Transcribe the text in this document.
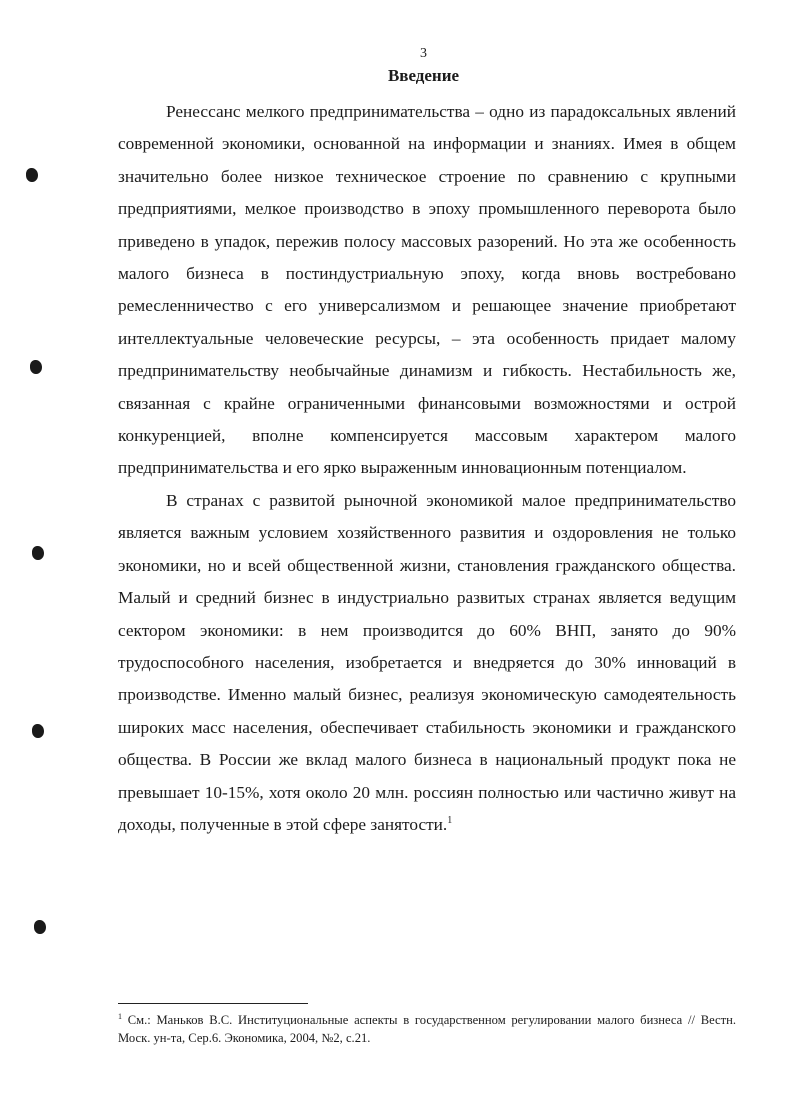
3
Введение

Ренессанс мелкого предпринимательства – одно из парадоксальных явлений современной экономики, основанной на информации и знаниях. Имея в общем значительно более низкое техническое строение по сравнению с крупными предприятиями, мелкое производство в эпоху промышленного переворота было приведено в упадок, пережив полосу массовых разорений. Но эта же особенность малого бизнеса в постиндустриальную эпоху, когда вновь востребовано ремесленничество с его универсализмом и решающее значение приобретают интеллектуальные человеческие ресурсы, – эта особенность придает малому предпринимательству необычайные динамизм и гибкость. Нестабильность же, связанная с крайне ограниченными финансовыми возможностями и острой конкуренцией, вполне компенсируется массовым характером малого предпринимательства и его ярко выраженным инновационным потенциалом.

В странах с развитой рыночной экономикой малое предпринимательство является важным условием хозяйственного развития и оздоровления не только экономики, но и всей общественной жизни, становления гражданского общества. Малый и средний бизнес в индустриально развитых странах является ведущим сектором экономики: в нем производится до 60% ВНП, занято до 90% трудоспособного населения, изобретается и внедряется до 30% инноваций в производстве. Именно малый бизнес, реализуя экономическую самодеятельность широких масс населения, обеспечивает стабильность экономики и гражданского общества. В России же вклад малого бизнеса в национальный продукт пока не превышает 10-15%, хотя около 20 млн. россиян полностью или частично живут на доходы, полученные в этой сфере занятости.$^1$

$^1$ См.: Маньков В.С. Институциональные аспекты в государственном регулировании малого бизнеса // Вестн. Моск. ун-та, Сер.6. Экономика, 2004, №2, с.21.
